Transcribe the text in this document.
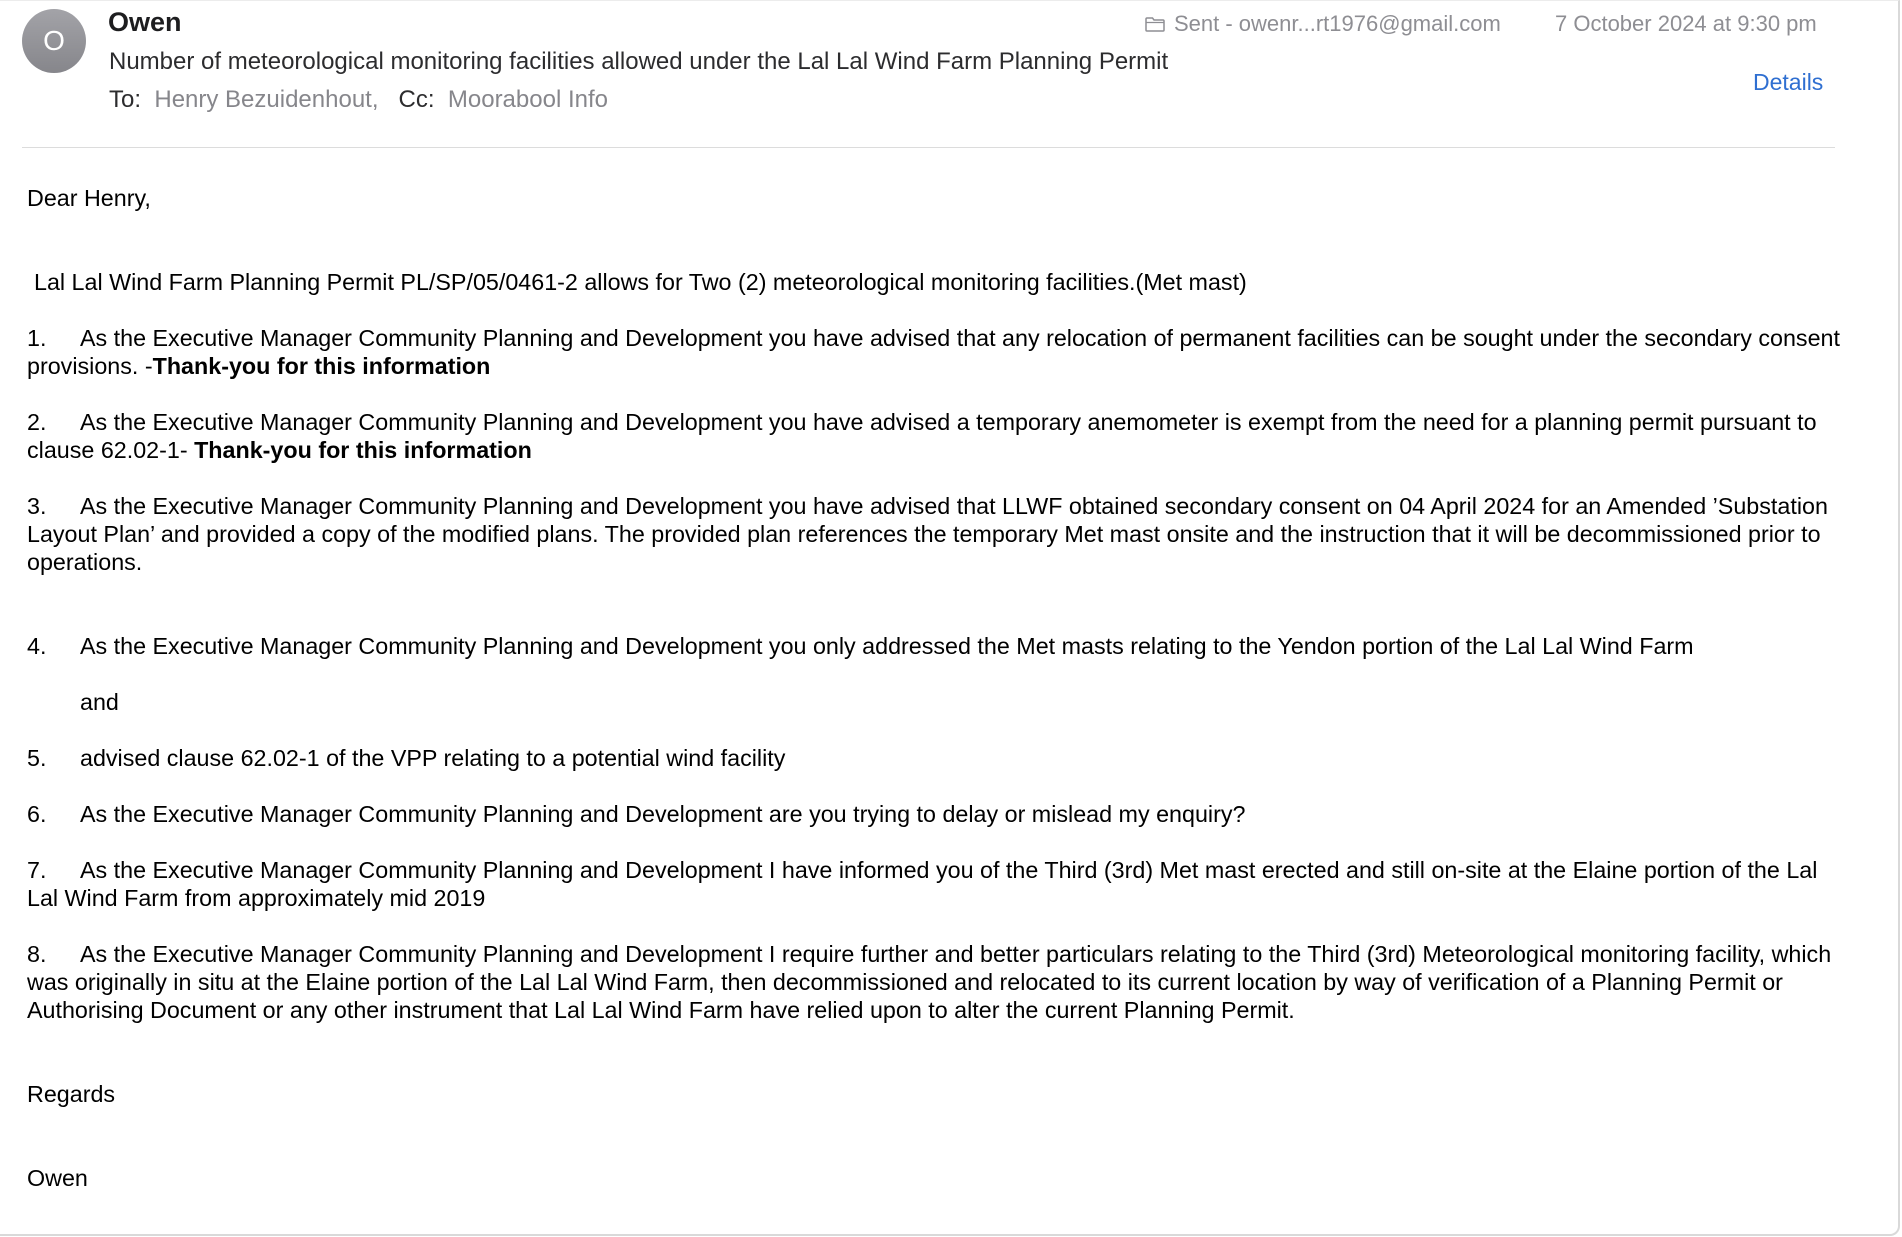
O
Owen
Number of meteorological monitoring facilities allowed under the Lal Lal Wind Farm Planning Permit
To: Henry Bezuidenhout, Cc: Moorabool Info
Sent - owenr...rt1976@gmail.com 7 October 2024 at 9:30 pm
Details

Dear Henry,

Lal Lal Wind Farm Planning Permit PL/SP/05/0461-2 allows for Two (2) meteorological monitoring facilities.(Met mast)

1. As the Executive Manager Community Planning and Development you have advised that any relocation of permanent facilities can be sought under the secondary consent provisions. -Thank-you for this information

2. As the Executive Manager Community Planning and Development you have advised a temporary anemometer is exempt from the need for a planning permit pursuant to clause 62.02-1- Thank-you for this information

3. As the Executive Manager Community Planning and Development you have advised that LLWF obtained secondary consent on 04 April 2024 for an Amended ’Substation Layout Plan’ and provided a copy of the modified plans. The provided plan references the temporary Met mast onsite and the instruction that it will be decommissioned prior to operations.

4. As the Executive Manager Community Planning and Development you only addressed the Met masts relating to the Yendon portion of the Lal Lal Wind Farm

and

5. advised clause 62.02-1 of the VPP relating to a potential wind facility

6. As the Executive Manager Community Planning and Development are you trying to delay or mislead my enquiry?

7. As the Executive Manager Community Planning and Development I have informed you of the Third (3rd) Met mast erected and still on-site at the Elaine portion of the Lal Lal Wind Farm from approximately mid 2019

8. As the Executive Manager Community Planning and Development I require further and better particulars relating to the Third (3rd) Meteorological monitoring facility, which was originally in situ at the Elaine portion of the Lal Lal Wind Farm, then decommissioned and relocated to its current location by way of verification of a Planning Permit or Authorising Document or any other instrument that Lal Lal Wind Farm have relied upon to alter the current Planning Permit.

Regards

Owen
